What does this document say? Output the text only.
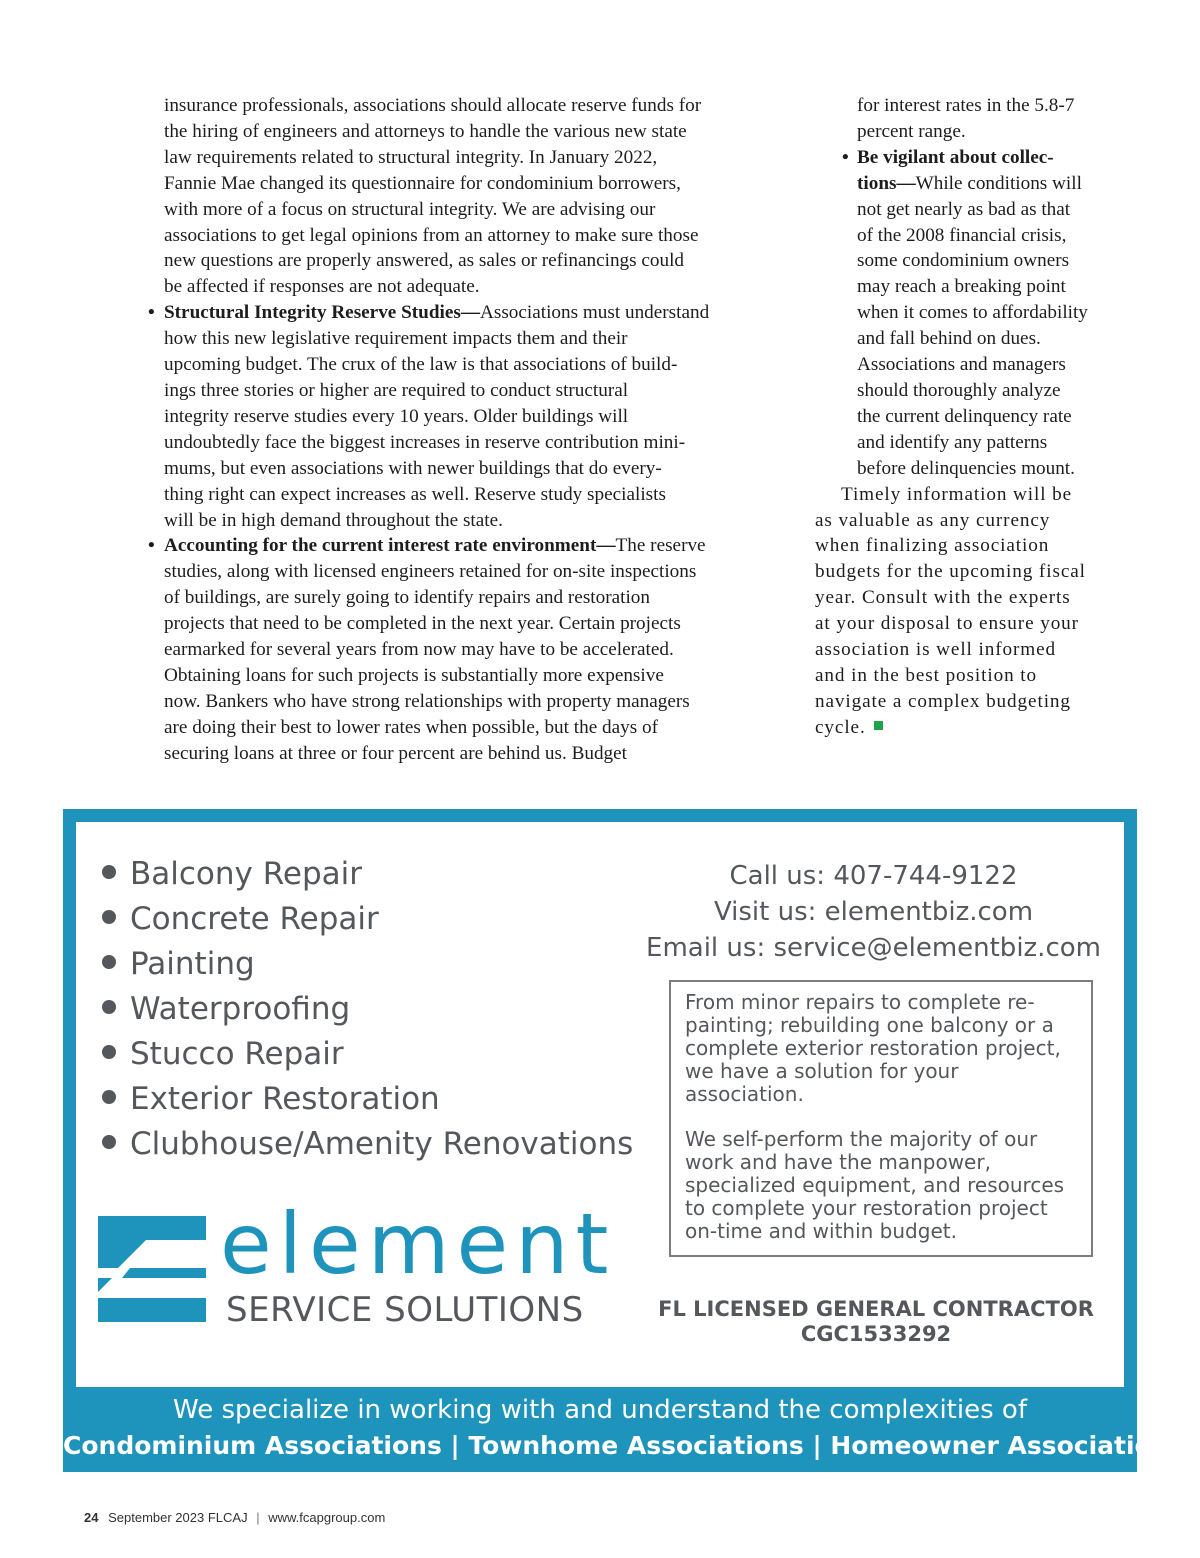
insurance professionals, associations should allocate reserve funds for

the hiring of engineers and attorneys to handle the various new state

law requirements related to structural integrity. In January 2022,

Fannie Mae changed its questionnaire for condominium borrowers,

with more of a focus on structural integrity. We are advising our

associations to get legal opinions from an attorney to make sure those

new questions are properly answered, as sales or refinancings could

be affected if responses are not adequate.

• Structural Integrity Reserve Studies—Associations must understand

how this new legislative requirement impacts them and their

upcoming budget. The crux of the law is that associations of build-

ings three stories or higher are required to conduct structural

integrity reserve studies every 10 years. Older buildings will

undoubtedly face the biggest increases in reserve contribution mini-

mums, but even associations with newer buildings that do every-

thing right can expect increases as well. Reserve study specialists

will be in high demand throughout the state.

• Accounting for the current interest rate environment—The reserve

studies, along with licensed engineers retained for on-site inspections

of buildings, are surely going to identify repairs and restoration

projects that need to be completed in the next year. Certain projects

earmarked for several years from now may have to be accelerated.

Obtaining loans for such projects is substantially more expensive

now. Bankers who have strong relationships with property managers

are doing their best to lower rates when possible, but the days of

securing loans at three or four percent are behind us. Budget

for interest rates in the 5.8-7

percent range.

• Be vigilant about collec-

tions—While conditions will

not get nearly as bad as that

of the 2008 financial crisis,

some condominium owners

may reach a breaking point

when it comes to affordability

and fall behind on dues.

Associations and managers

should thoroughly analyze

the current delinquency rate

and identify any patterns

before delinquencies mount.

Timely information will be

as valuable as any currency

when finalizing association

budgets for the upcoming fiscal

year. Consult with the experts

at your disposal to ensure your

association is well informed

and in the best position to

navigate a complex budgeting

cycle.

Balcony Repair
Concrete Repair
Painting
Waterproofing
Stucco Repair
Exterior Restoration
Clubhouse/Amenity Renovations
Call us: 407-744-9122
Visit us: elementbiz.com
Email us: service@elementbiz.com

From minor repairs to complete re-painting; rebuilding one balcony or a complete exterior restoration project, we have a solution for your association.

We self-perform the majority of our work and have the manpower, specialized equipment, and resources to complete your restoration project on-time and within budget.

FL LICENSED GENERAL CONTRACTOR
CGC1533292
element
SERVICE SOLUTIONS
We specialize in working with and understand the complexities of
Condominium Associations | Townhome Associations | Homeowner Associations
24 September 2023 FLCAJ | www.fcapgroup.com
